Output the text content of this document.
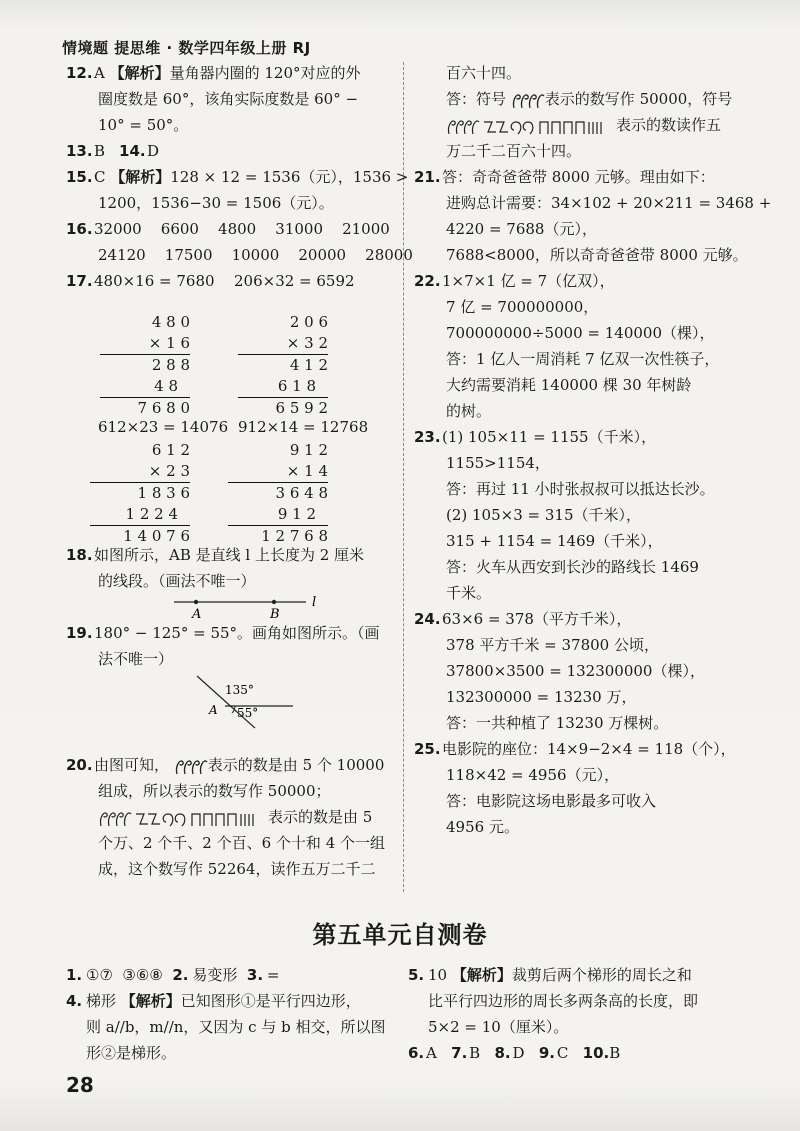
情境题 提思维 · 数学四年级上册 RJ
12.A 【解析】量角器内圈的 120°对应的外
圈度数是 60°，该角实际度数是 60° −
10° = 50°。
13.B 14.D
15.C 【解析】128 × 12 = 1536（元），1536 >
1200，1536−30 = 1506（元）。
16.32000    6600    4800    31000    21000
24120    17500    10000    20000    28000
17.480×16 = 7680 206×32 = 6592
4 8 0
× 1 6
2 8 8
4 8
7 6 8 0
2 0 6
× 3 2
4 1 2
6 1 8
6 5 9 2
612×23 = 14076 912×14 = 12768
6 1 2
× 2 3
1 8 3 6
1 2 2 4
1 4 0 7 6
9 1 2
× 1 4
3 6 4 8
9 1 2
1 2 7 6 8
18.如图所示，AB 是直线 l 上长度为 2 厘米
的线段。（画法不唯一）
A	B
l
19.180° − 125° = 55°。画角如图所示。（画
法不唯一）
135°
55°
A
20.由图可知，	表示的数是由 5 个 10000
组成，所以表示的数写作 50000；
表示的数是由 5
个万、2 个千、2 个百、6 个十和 4 个一组
成，这个数写作 52264，读作五万二千二
百六十四。
答：符号	表示的数写作 50000，符号
表示的数读作五
万二千二百六十四。
21.答：奇奇爸爸带 8000 元够。理由如下：
进购总计需要：34×102 + 20×211 = 3468 +
4220 = 7688（元），
7688<8000，所以奇奇爸爸带 8000 元够。
22.1×7×1 亿 = 7（亿双），
7 亿 = 700000000，
700000000÷5000 = 140000（棵），
答：1 亿人一周消耗 7 亿双一次性筷子，
大约需要消耗 140000 棵 30 年树龄
的树。
23.(1) 105×11 = 1155（千米），
1155>1154，
答：再过 11 小时张叔叔可以抵达长沙。
(2) 105×3 = 315（千米），
315 + 1154 = 1469（千米），
答：火车从西安到长沙的路线长 1469
千米。
24.63×6 = 378（平方千米），
378 平方千米 = 37800 公顷，
37800×3500 = 132300000（棵），
132300000 = 13230 万，
答：一共种植了 13230 万棵树。
25.电影院的座位：14×9−2×4 = 118（个），
118×42 = 4956（元），
答：电影院这场电影最多可收入
4956 元。
第五单元自测卷
1. ①⑦  ③⑥⑧ 2. 易变形 3. =
4. 梯形 【解析】已知图形①是平行四边形，
则 a//b，m//n，又因为 c 与 b 相交，所以图
形②是梯形。
5. 10 【解析】裁剪后两个梯形的周长之和
比平行四边形的周长多两条高的长度，即
5×2 = 10（厘米）。
6. A 7. B 8. D 9. C 10.B
28
